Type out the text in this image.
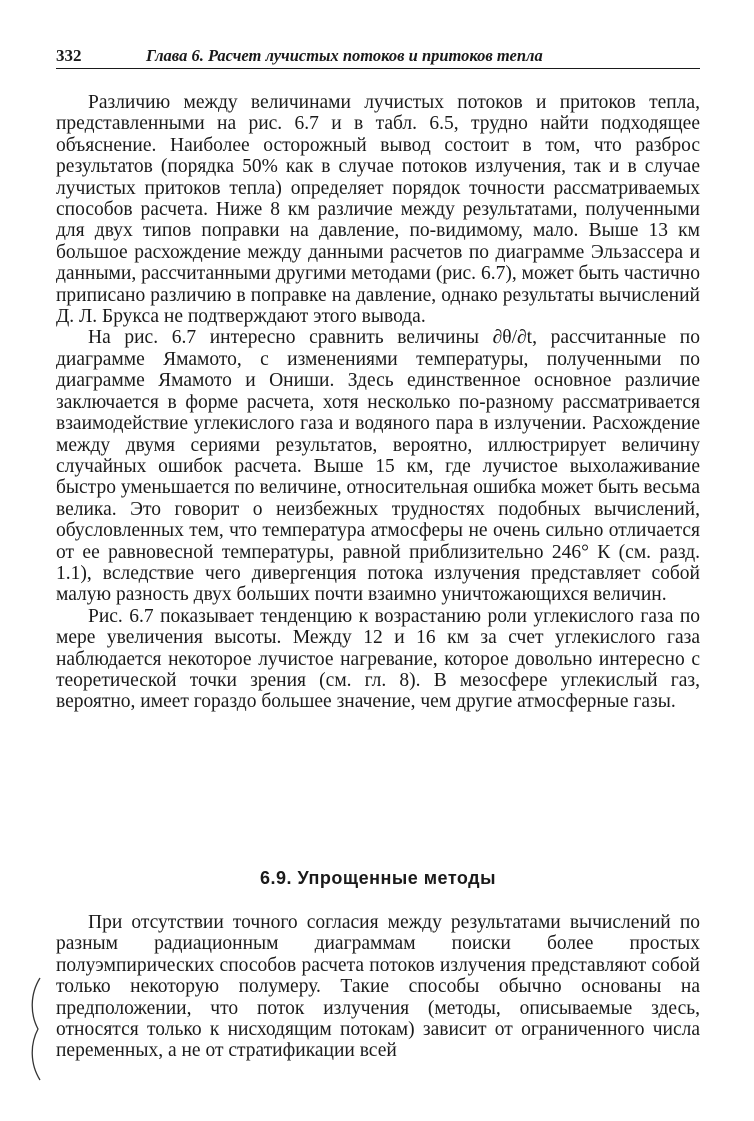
332	Глава 6. Расчет лучистых потоков и притоков тепла

Различию между величинами лучистых потоков и притоков тепла, представленными на рис. 6.7 и в табл. 6.5, трудно найти подходящее объяснение. Наиболее осторожный вывод состоит в том, что разброс результатов (порядка 50% как в случае потоков излучения, так и в случае лучистых притоков тепла) определяет порядок точности рассматриваемых способов расчета. Ниже 8 км различие между результатами, полученными для двух типов поправки на давление, по-видимому, мало. Выше 13 км большое расхождение между данными расчетов по диаграмме Эльзассера и данными, рассчитанными другими методами (рис. 6.7), может быть частично приписано различию в поправке на давление, однако результаты вычислений Д. Л. Брукса не подтверждают этого вывода.

На рис. 6.7 интересно сравнить величины ∂θ/∂t, рассчитанные по диаграмме Ямамото, с изменениями температуры, полученными по диаграмме Ямамото и Ониши. Здесь единственное основное различие заключается в форме расчета, хотя несколько по-разному рассматривается взаимодействие углекислого газа и водяного пара в излучении. Расхождение между двумя сериями результатов, вероятно, иллюстрирует величину случайных ошибок расчета. Выше 15 км, где лучистое выхолаживание быстро уменьшается по величине, относительная ошибка может быть весьма велика. Это говорит о неизбежных трудностях подобных вычислений, обусловленных тем, что температура атмосферы не очень сильно отличается от ее равновесной температуры, равной приблизительно 246° К (см. разд. 1.1), вследствие чего дивергенция потока излучения представляет собой малую разность двух больших почти взаимно уничтожающихся величин.

Рис. 6.7 показывает тенденцию к возрастанию роли углекислого газа по мере увеличения высоты. Между 12 и 16 км за счет углекислого газа наблюдается некоторое лучистое нагревание, которое довольно интересно с теоретической точки зрения (см. гл. 8). В мезосфере углекислый газ, вероятно, имеет гораздо большее значение, чем другие атмосферные газы.

6.9. Упрощенные методы

При отсутствии точного согласия между результатами вычислений по разным радиационным диаграммам поиски более простых полуэмпирических способов расчета потоков излучения представляют собой только некоторую полумеру. Такие способы обычно основаны на предположении, что поток излучения (методы, описываемые здесь, относятся только к нисходящим потокам) зависит от ограниченного числа переменных, а не от стратификации всей
